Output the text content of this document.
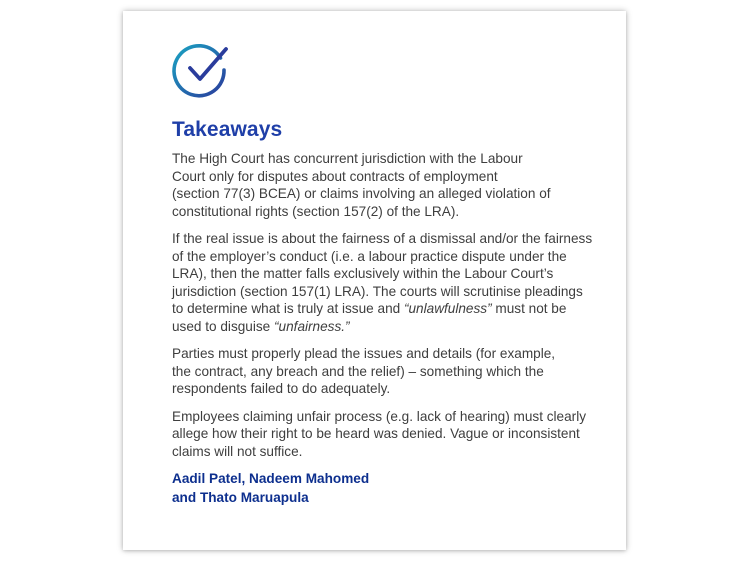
Takeaways

The High Court has concurrent jurisdiction with the Labour
Court only for disputes about contracts of employment
(section 77(3) BCEA) or claims involving an alleged violation of
constitutional rights (section 157(2) of the LRA).

If the real issue is about the fairness of a dismissal and/or the fairness
of the employer’s conduct (i.e. a labour practice dispute under the
LRA), then the matter falls exclusively within the Labour Court’s
jurisdiction (section 157(1) LRA). The courts will scrutinise pleadings
to determine what is truly at issue and “unlawfulness” must not be
used to disguise “unfairness.”

Parties must properly plead the issues and details (for example,
the contract, any breach and the relief) – something which the
respondents failed to do adequately.

Employees claiming unfair process (e.g. lack of hearing) must clearly
allege how their right to be heard was denied. Vague or inconsistent
claims will not suffice.

Aadil Patel, Nadeem Mahomed
and Thato Maruapula
